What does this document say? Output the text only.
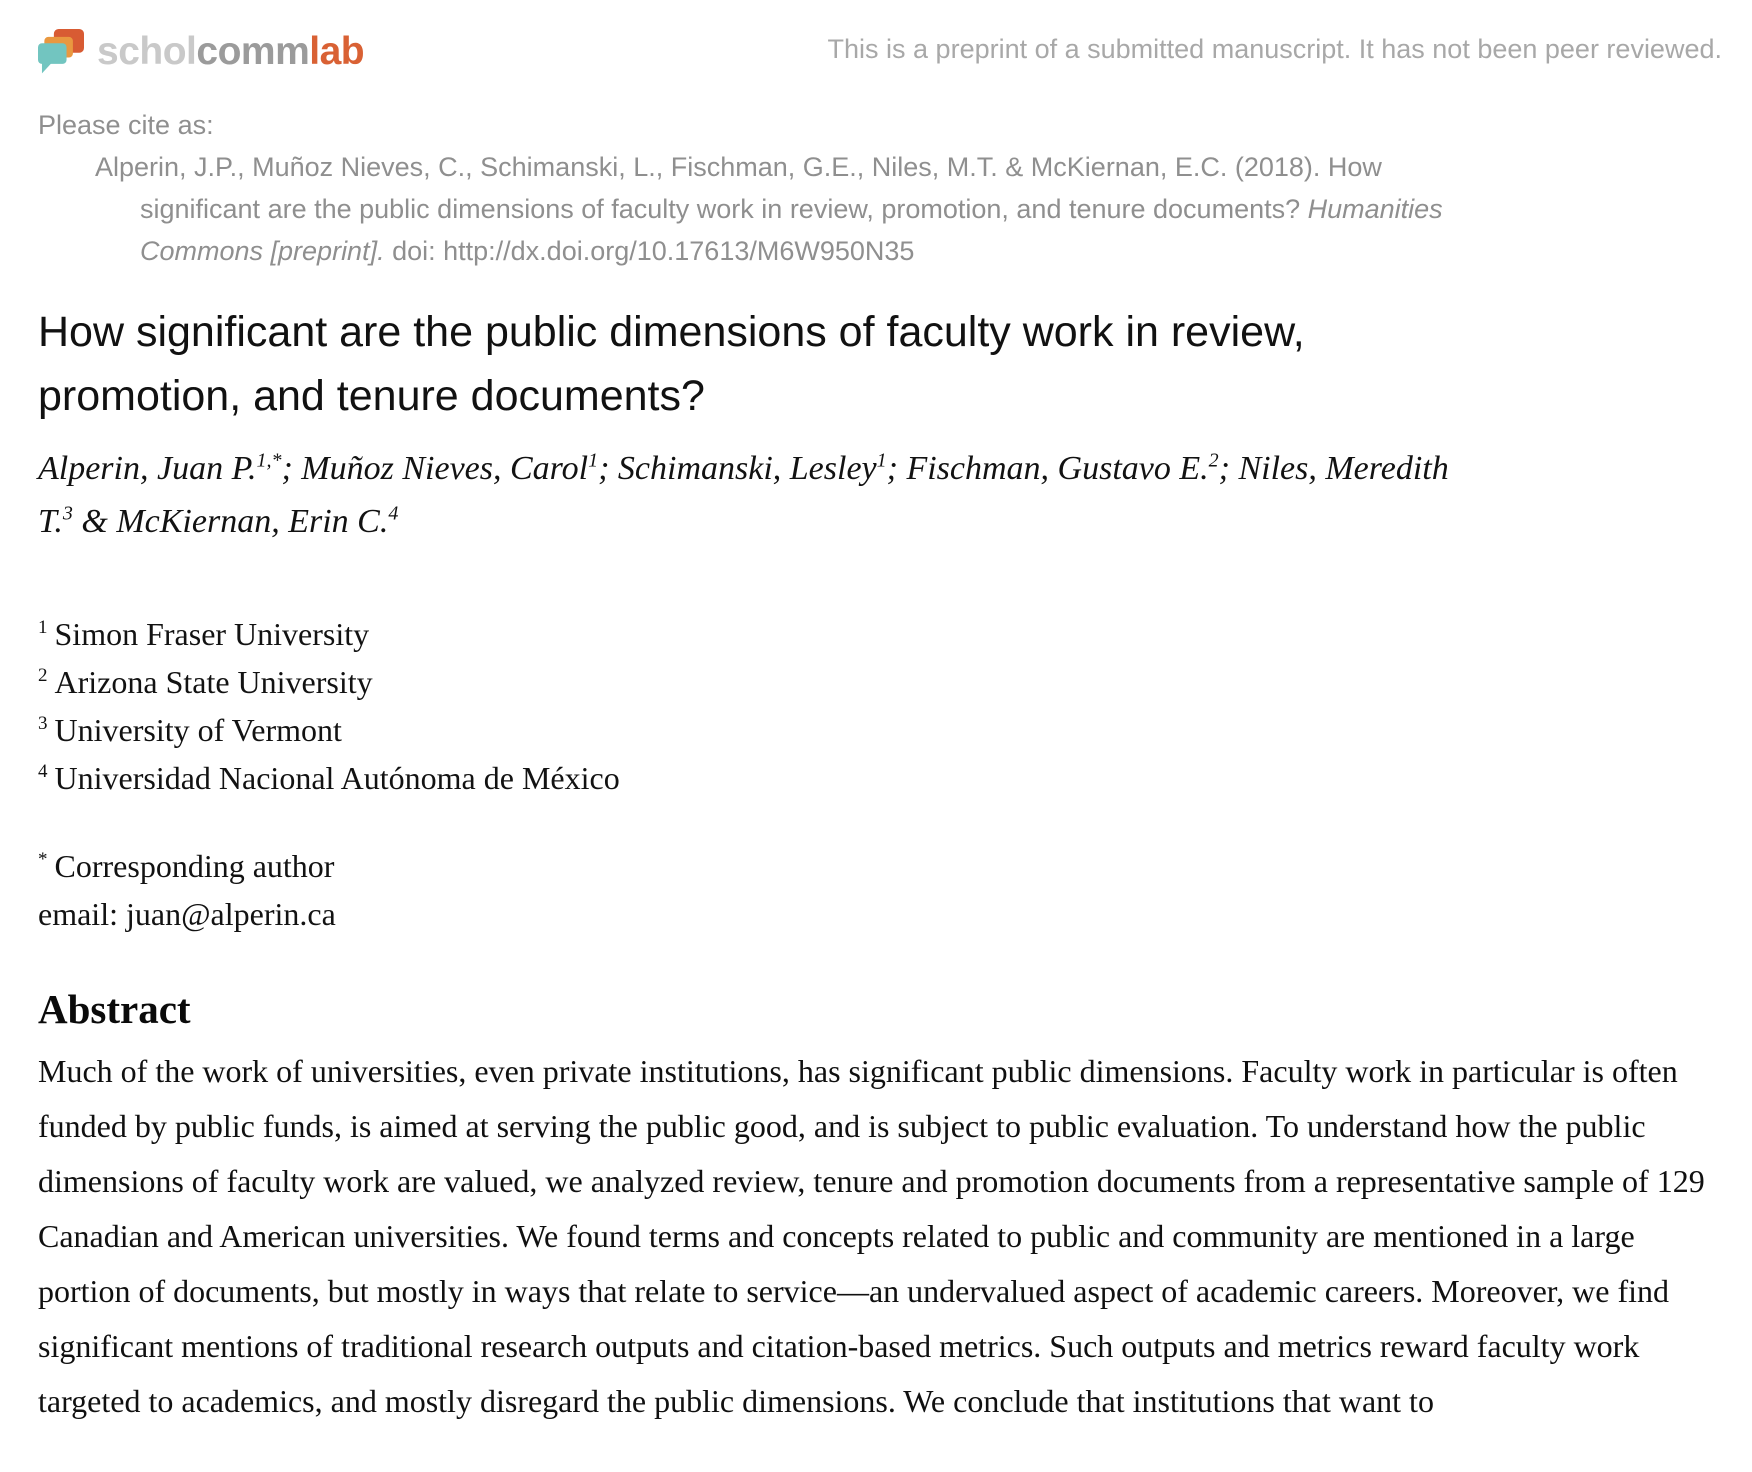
scholcommlab	This is a preprint of a submitted manuscript. It has not been peer reviewed.
Please cite as:
Alperin, J.P., Muñoz Nieves, C., Schimanski, L., Fischman, G.E., Niles, M.T. & McKiernan, E.C. (2018). How
significant are the public dimensions of faculty work in review, promotion, and tenure documents? Humanities
Commons [preprint]. doi: http://dx.doi.org/10.17613/M6W950N35
How significant are the public dimensions of faculty work in review, promotion, and tenure documents?

Alperin, Juan P.$^{1,*}$; Muñoz Nieves, Carol$^1$; Schimanski, Lesley$^1$; Fischman, Gustavo E.$^2$; Niles, Meredith T.$^3$ & McKiernan, Erin C.$^4$

$^1$ Simon Fraser University
$^2$ Arizona State University
$^3$ University of Vermont
$^4$ Universidad Nacional Autónoma de México
* Corresponding author
email: juan@alperin.ca
Abstract

Much of the work of universities, even private institutions, has significant public dimensions. Faculty work in particular is often funded by public funds, is aimed at serving the public good, and is subject to public evaluation. To understand how the public dimensions of faculty work are valued, we analyzed review, tenure and promotion documents from a representative sample of 129 Canadian and American universities. We found terms and concepts related to public and community are mentioned in a large portion of documents, but mostly in ways that relate to service—an undervalued aspect of academic careers. Moreover, we find significant mentions of traditional research outputs and citation-based metrics. Such outputs and metrics reward faculty work targeted to academics, and mostly disregard the public dimensions. We conclude that institutions that want to
